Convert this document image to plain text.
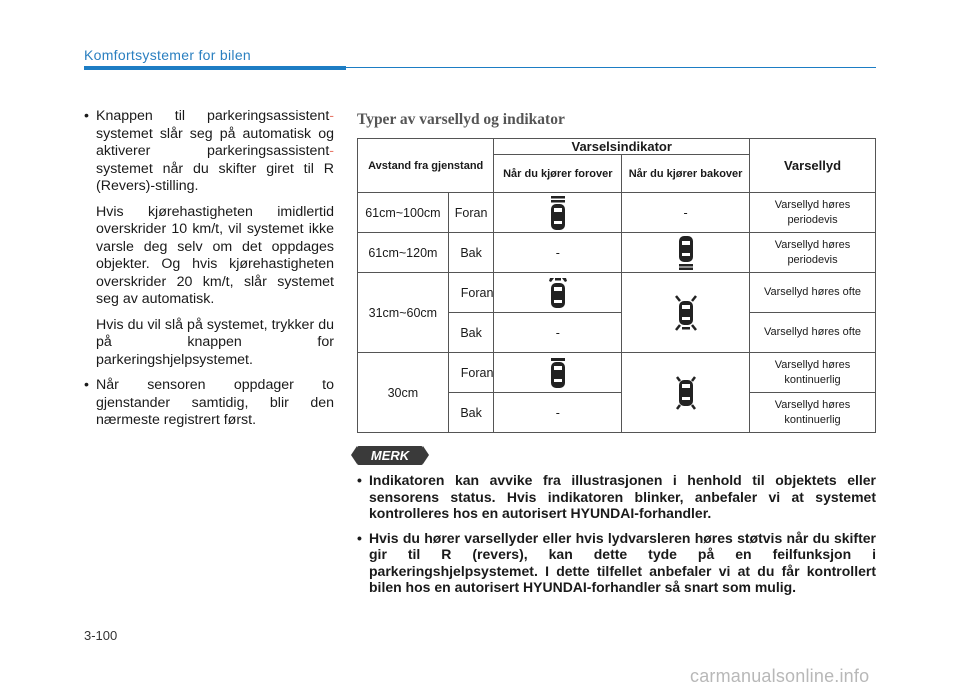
Komfortsystemer for bilen
• Knappen til parkeringsassistent- systemet slår seg på automatisk og aktiverer parkeringsassistent- systemet når du skifter giret til R (Revers)-stilling.
Hvis kjørehastigheten imidlertid overskrider 10 km/t, vil systemet ikke varsle deg selv om det oppdages objekter. Og hvis kjørehastigheten overskrider 20 km/t, slår systemet seg av automatisk.
Hvis du vil slå på systemet, trykker du på knappen for parkeringshjelpsystemet.
• Når sensoren oppdager to gjenstander samtidig, blir den nærmeste registrert først.
Typer av varsellyd og indikator
Avstand fra gjenstand		Varselsindikator		Varsellyd
		Når du kjører forover	Når du kjører bakover	
61cm~100cm	Foran		-	Varsellyd høres periodevis
61cm~120m	Bak	-		Varsellyd høres periodevis
31cm~60cm	Foran			Varsellyd høres ofte
	Bak	-		Varsellyd høres ofte
30cm	Foran			Varsellyd høres kontinuerlig
	Bak	-		Varsellyd høres kontinuerlig
MERK
• Indikatoren kan avvike fra illustrasjonen i henhold til objektets eller sensorens status. Hvis indikatoren blinker, anbefaler vi at systemet kontrolleres hos en autorisert HYUNDAI-forhandler.
• Hvis du hører varsellyder eller hvis lydvarsleren høres støtvis når du skifter gir til R (revers), kan dette tyde på en feilfunksjon i parkeringshjelpsystemet. I dette tilfellet anbefaler vi at du får kontrollert bilen hos en autorisert HYUNDAI-forhandler så snart som mulig.
3-100
carmanualsonline.info
